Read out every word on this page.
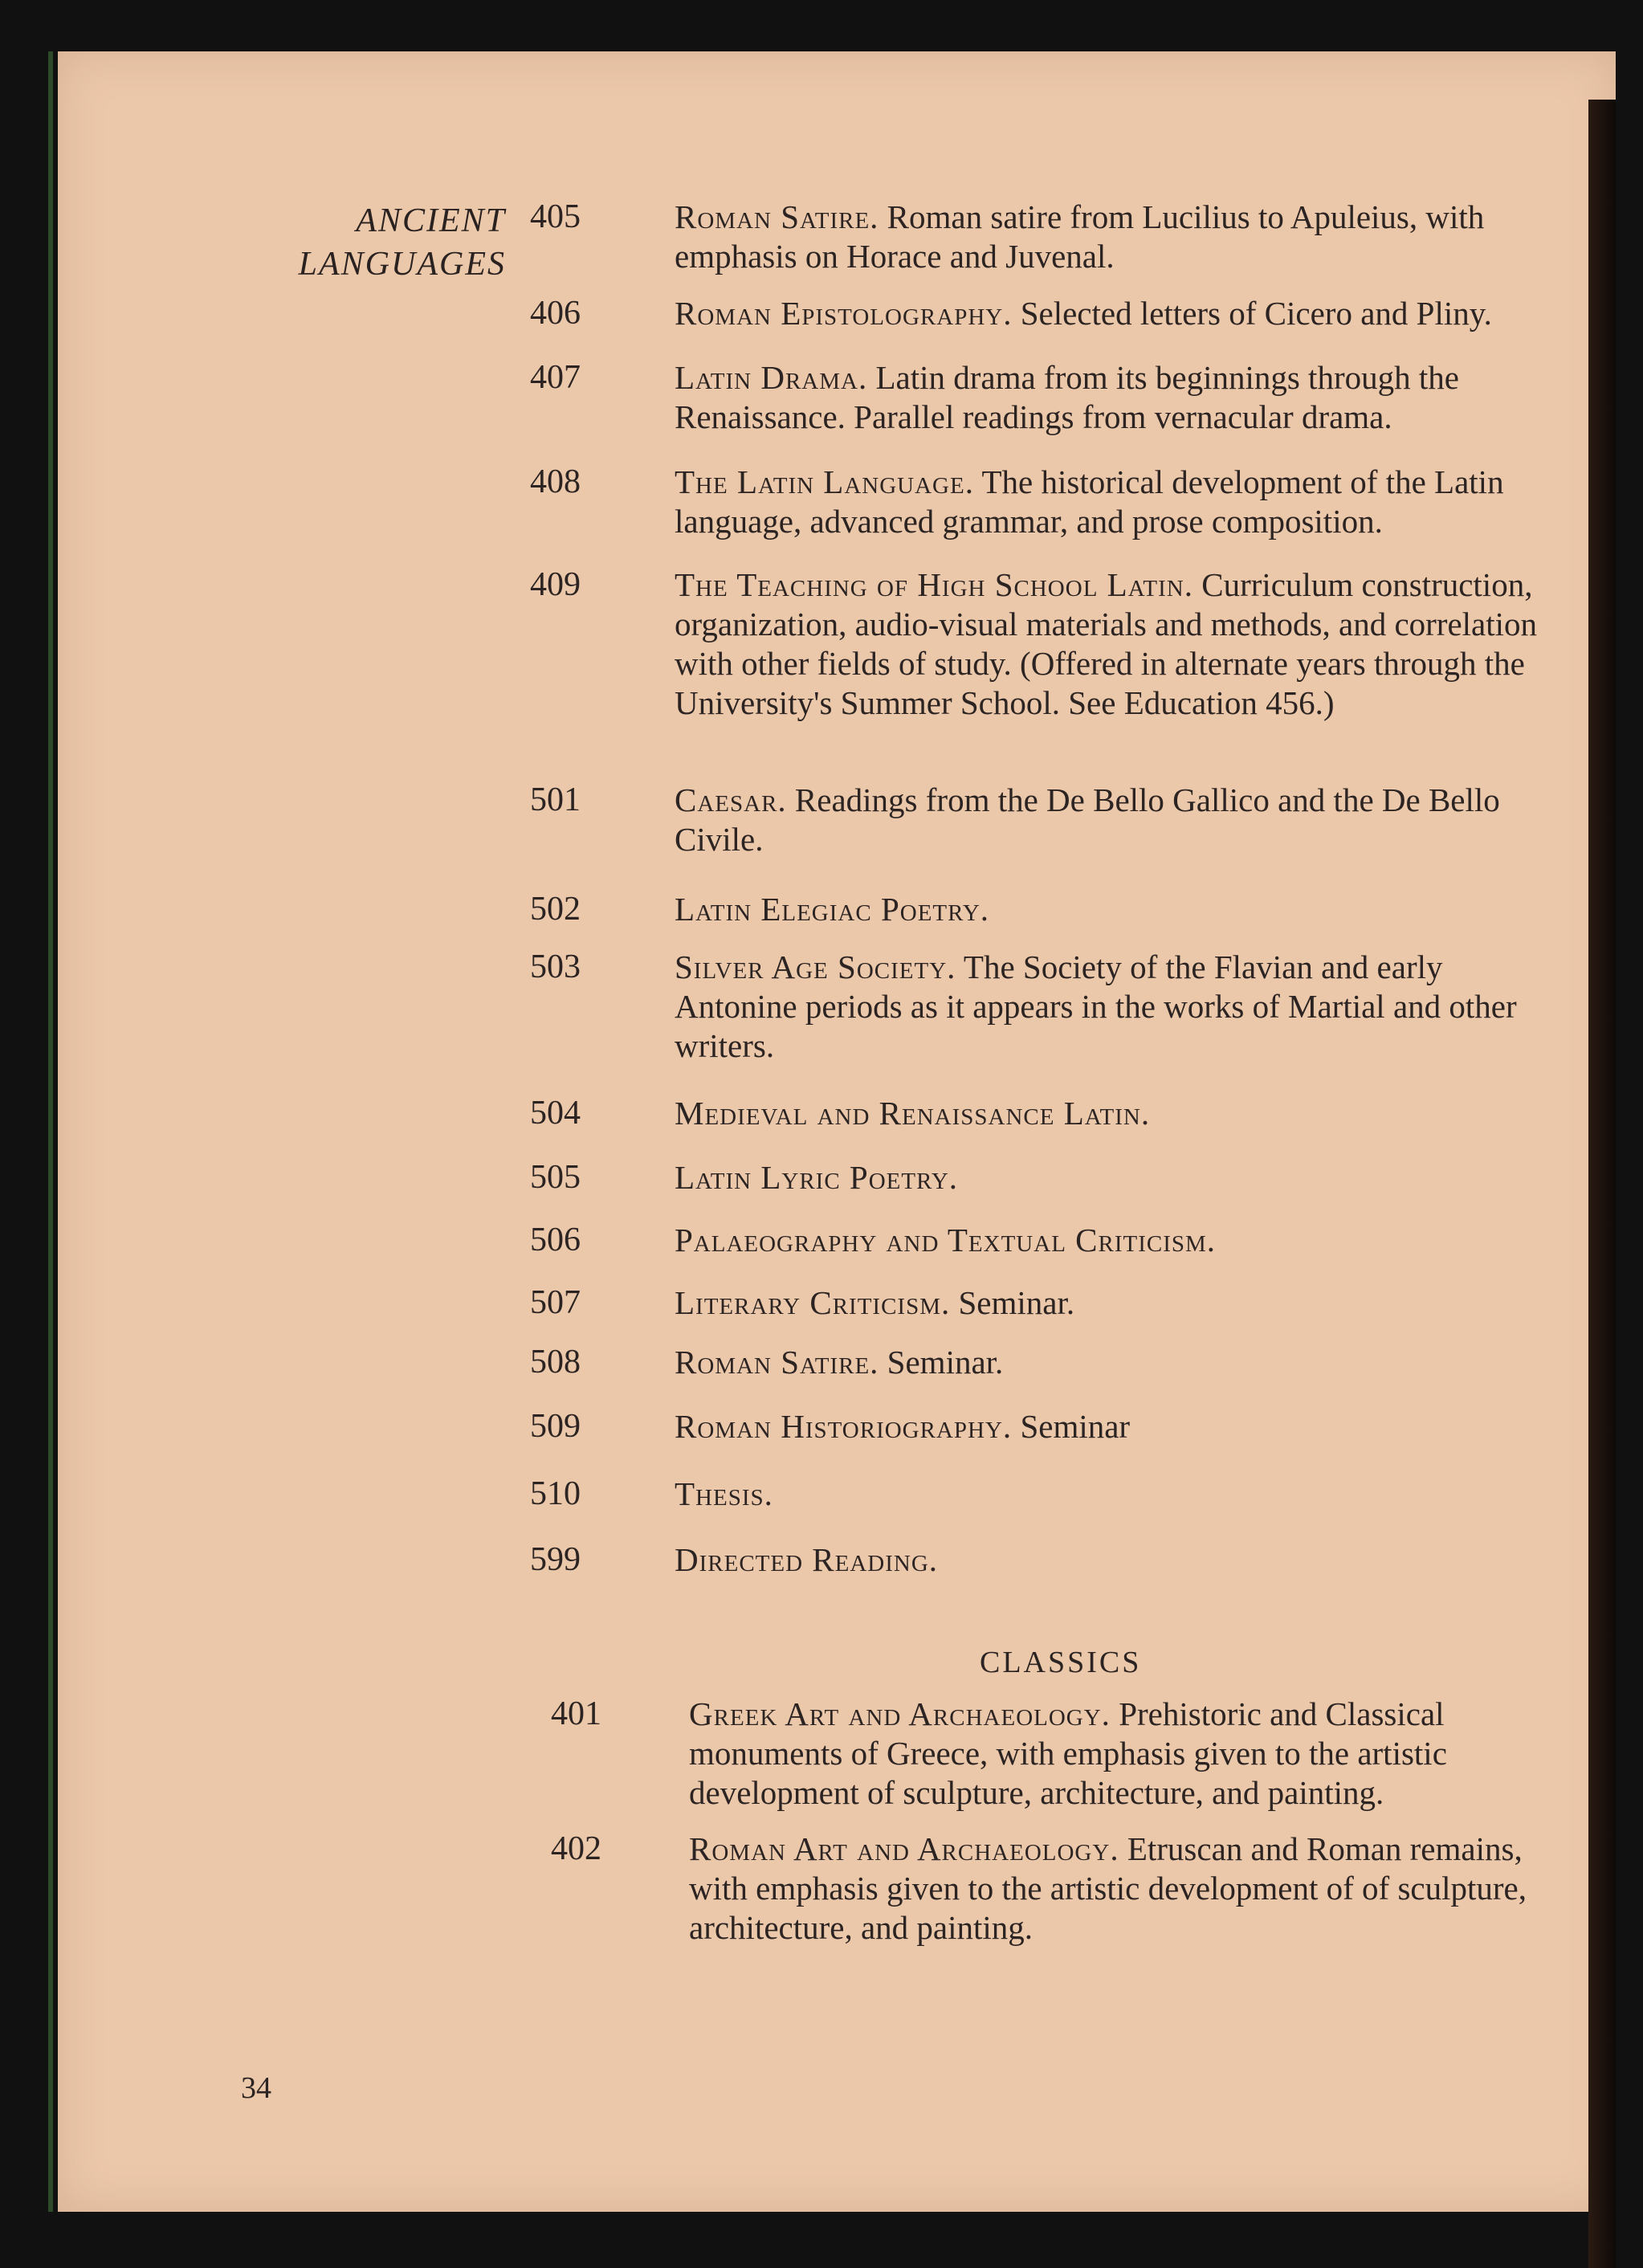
ANCIENT
LANGUAGES
405	Roman Satire. Roman satire from Lucilius to Apuleius, with emphasis on Horace and Juvenal.
406	Roman Epistolography. Selected letters of Cicero and Pliny.
407	Latin Drama. Latin drama from its beginnings through the Renaissance. Parallel readings from vernacular drama.
408	The Latin Language. The historical development of the Latin language, advanced grammar, and prose composition.
409	The Teaching of High School Latin. Curriculum construction, organization, audio-visual materials and methods, and correlation with other fields of study. (Offered in alternate years through the University's Summer School. See Education 456.)
501	Caesar. Readings from the De Bello Gallico and the De Bello Civile.
502	Latin Elegiac Poetry.
503	Silver Age Society. The Society of the Flavian and early Antonine periods as it appears in the works of Martial and other writers.
504	Medieval and Renaissance Latin.
505	Latin Lyric Poetry.
506	Palaeography and Textual Criticism.
507	Literary Criticism. Seminar.
508	Roman Satire. Seminar.
509	Roman Historiography. Seminar
510	Thesis.
599	Directed Reading.
CLASSICS
401	Greek Art and Archaeology. Prehistoric and Classical monuments of Greece, with emphasis given to the artistic development of sculpture, architecture, and painting.
402	Roman Art and Archaeology. Etruscan and Roman remains, with emphasis given to the artistic development of of sculpture, architecture, and painting.
34
